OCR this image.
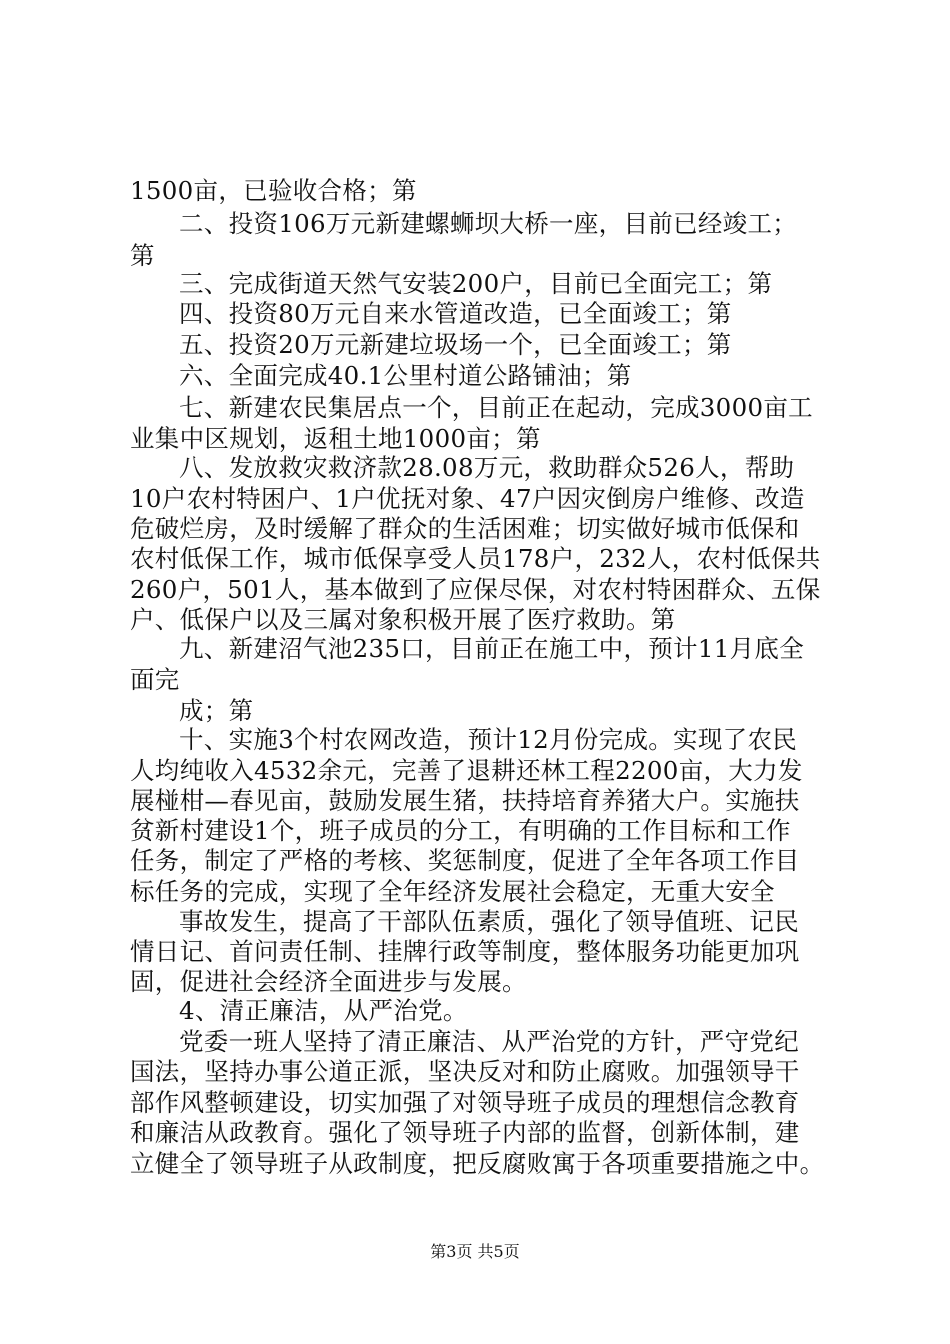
1500亩，已验收合格；第
二、投资106万元新建螺蛳坝大桥一座，目前已经竣工；
第
三、完成街道天然气安装200户，目前已全面完工；第
四、投资80万元自来水管道改造，已全面竣工；第
五、投资20万元新建垃圾场一个，已全面竣工；第
六、全面完成40.1公里村道公路铺油；第
七、新建农民集居点一个，目前正在起动，完成3000亩工
业集中区规划，返租土地1000亩；第
八、发放救灾救济款28.08万元，救助群众526人，帮助
10户农村特困户、1户优抚对象、47户因灾倒房户维修、改造
危破烂房，及时缓解了群众的生活困难；切实做好城市低保和
农村低保工作，城市低保享受人员178户，232人，农村低保共
260户，501人，基本做到了应保尽保，对农村特困群众、五保
户、低保户以及三属对象积极开展了医疗救助。第
九、新建沼气池235口，目前正在施工中，预计11月底全
面完
成；第
十、实施3个村农网改造，预计12月份完成。实现了农民
人均纯收入4532余元，完善了退耕还林工程2200亩，大力发
展椪柑—春见亩，鼓励发展生猪，扶持培育养猪大户。实施扶
贫新村建设1个，班子成员的分工，有明确的工作目标和工作
任务，制定了严格的考核、奖惩制度，促进了全年各项工作目
标任务的完成，实现了全年经济发展社会稳定，无重大安全
事故发生，提高了干部队伍素质，强化了领导值班、记民
情日记、首问责任制、挂牌行政等制度，整体服务功能更加巩
固，促进社会经济全面进步与发展。
4、清正廉洁，从严治党。
党委一班人坚持了清正廉洁、从严治党的方针，严守党纪
国法，坚持办事公道正派，坚决反对和防止腐败。加强领导干
部作风整顿建设，切实加强了对领导班子成员的理想信念教育
和廉洁从政教育。强化了领导班子内部的监督，创新体制，建
立健全了领导班子从政制度，把反腐败寓于各项重要措施之中。
第3页 共5页
